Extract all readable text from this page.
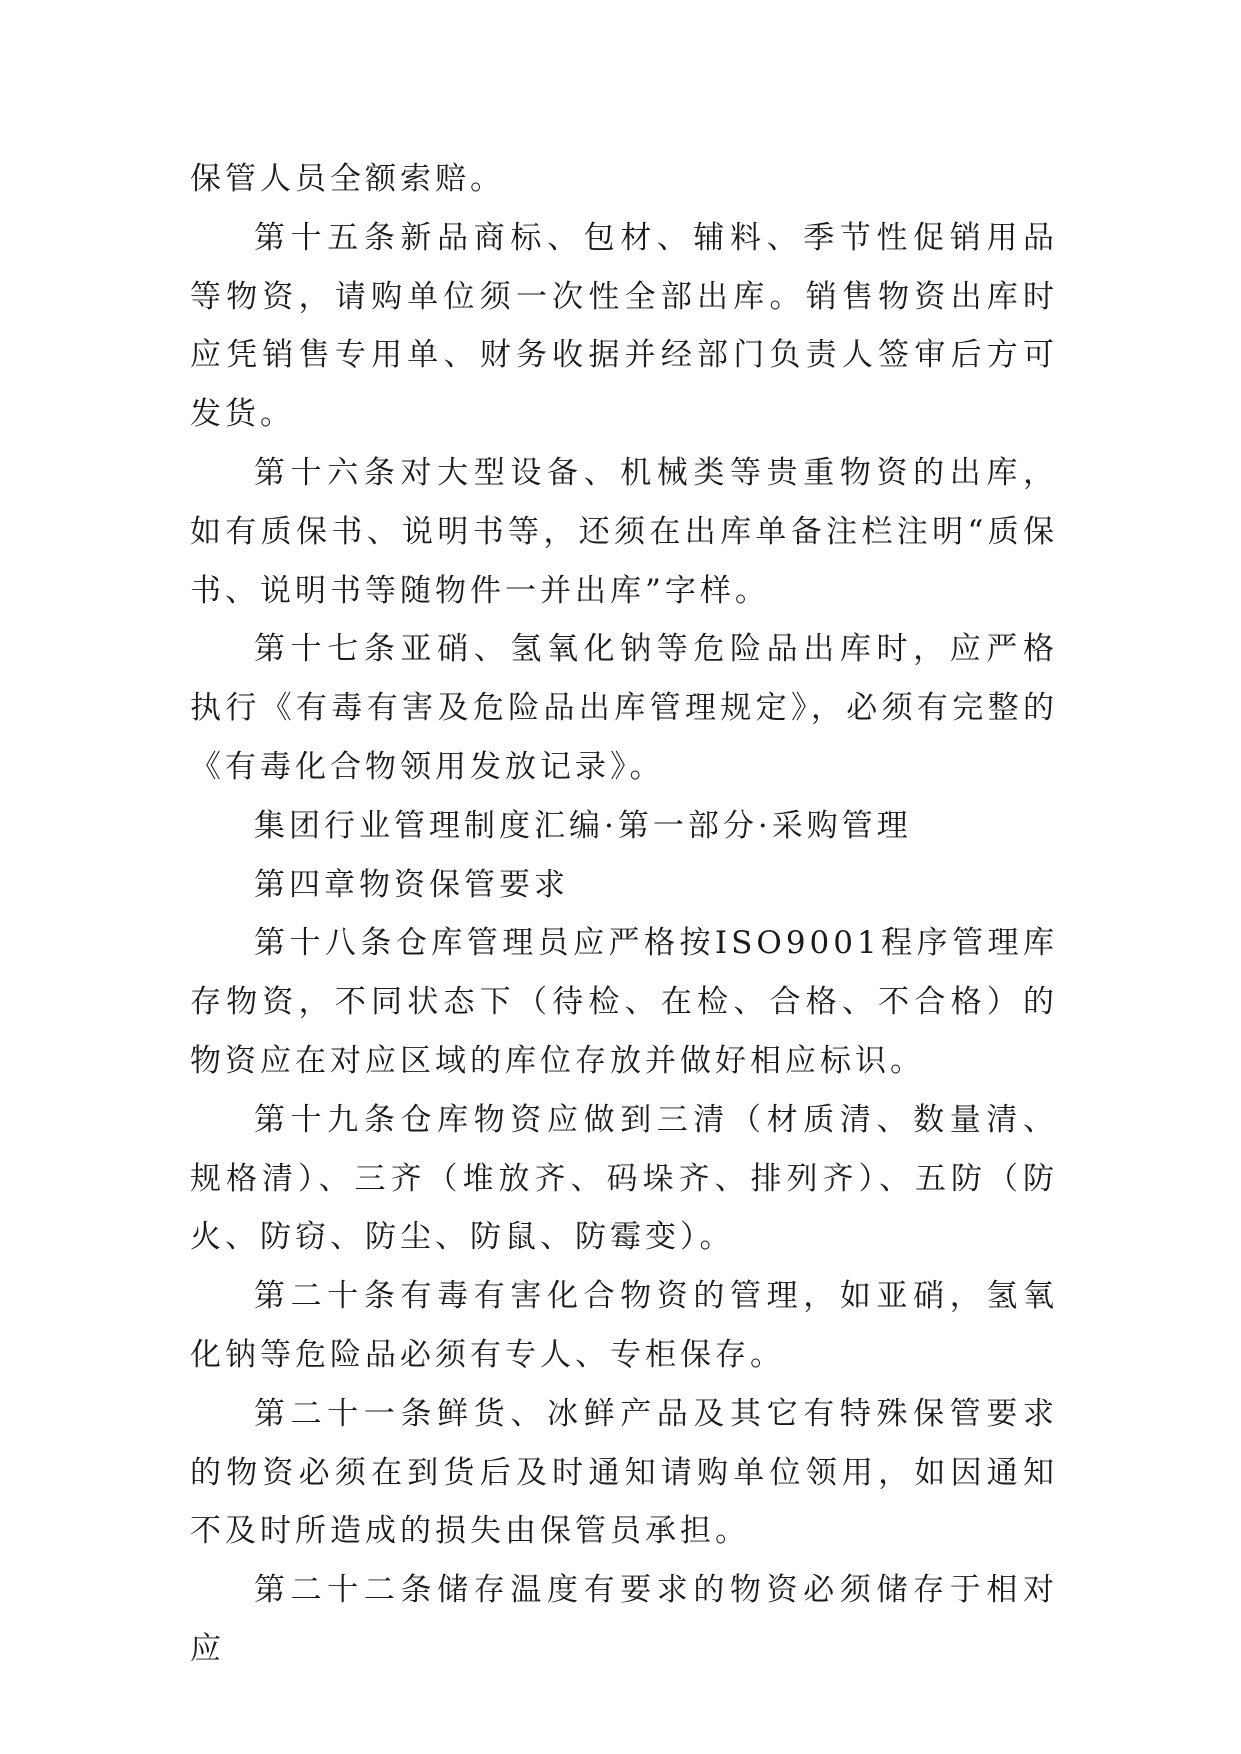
保管人员全额索赔。

第十五条新品商标、包材、辅料、季节性促销用品等物资，请购单位须一次性全部出库。销售物资出库时应凭销售专用单、财务收据并经部门负责人签审后方可发货。

第十六条对大型设备、机械类等贵重物资的出库，如有质保书、说明书等，还须在出库单备注栏注明“质保书、说明书等随物件一并出库”字样。

第十七条亚硝、氢氧化钠等危险品出库时，应严格执行《有毒有害及危险品出库管理规定》，必须有完整的《有毒化合物领用发放记录》。

集团行业管理制度汇编·第一部分·采购管理

第四章物资保管要求

第十八条仓库管理员应严格按ISO9001程序管理库存物资，不同状态下（待检、在检、合格、不合格）的物资应在对应区域的库位存放并做好相应标识。

第十九条仓库物资应做到三清（材质清、数量清、规格清）、三齐（堆放齐、码垛齐、排列齐）、五防（防火、防窃、防尘、防鼠、防霉变）。

第二十条有毒有害化合物资的管理，如亚硝，氢氧化钠等危险品必须有专人、专柜保存。

第二十一条鲜货、冰鲜产品及其它有特殊保管要求的物资必须在到货后及时通知请购单位领用，如因通知不及时所造成的损失由保管员承担。

第二十二条储存温度有要求的物资必须储存于相对应
